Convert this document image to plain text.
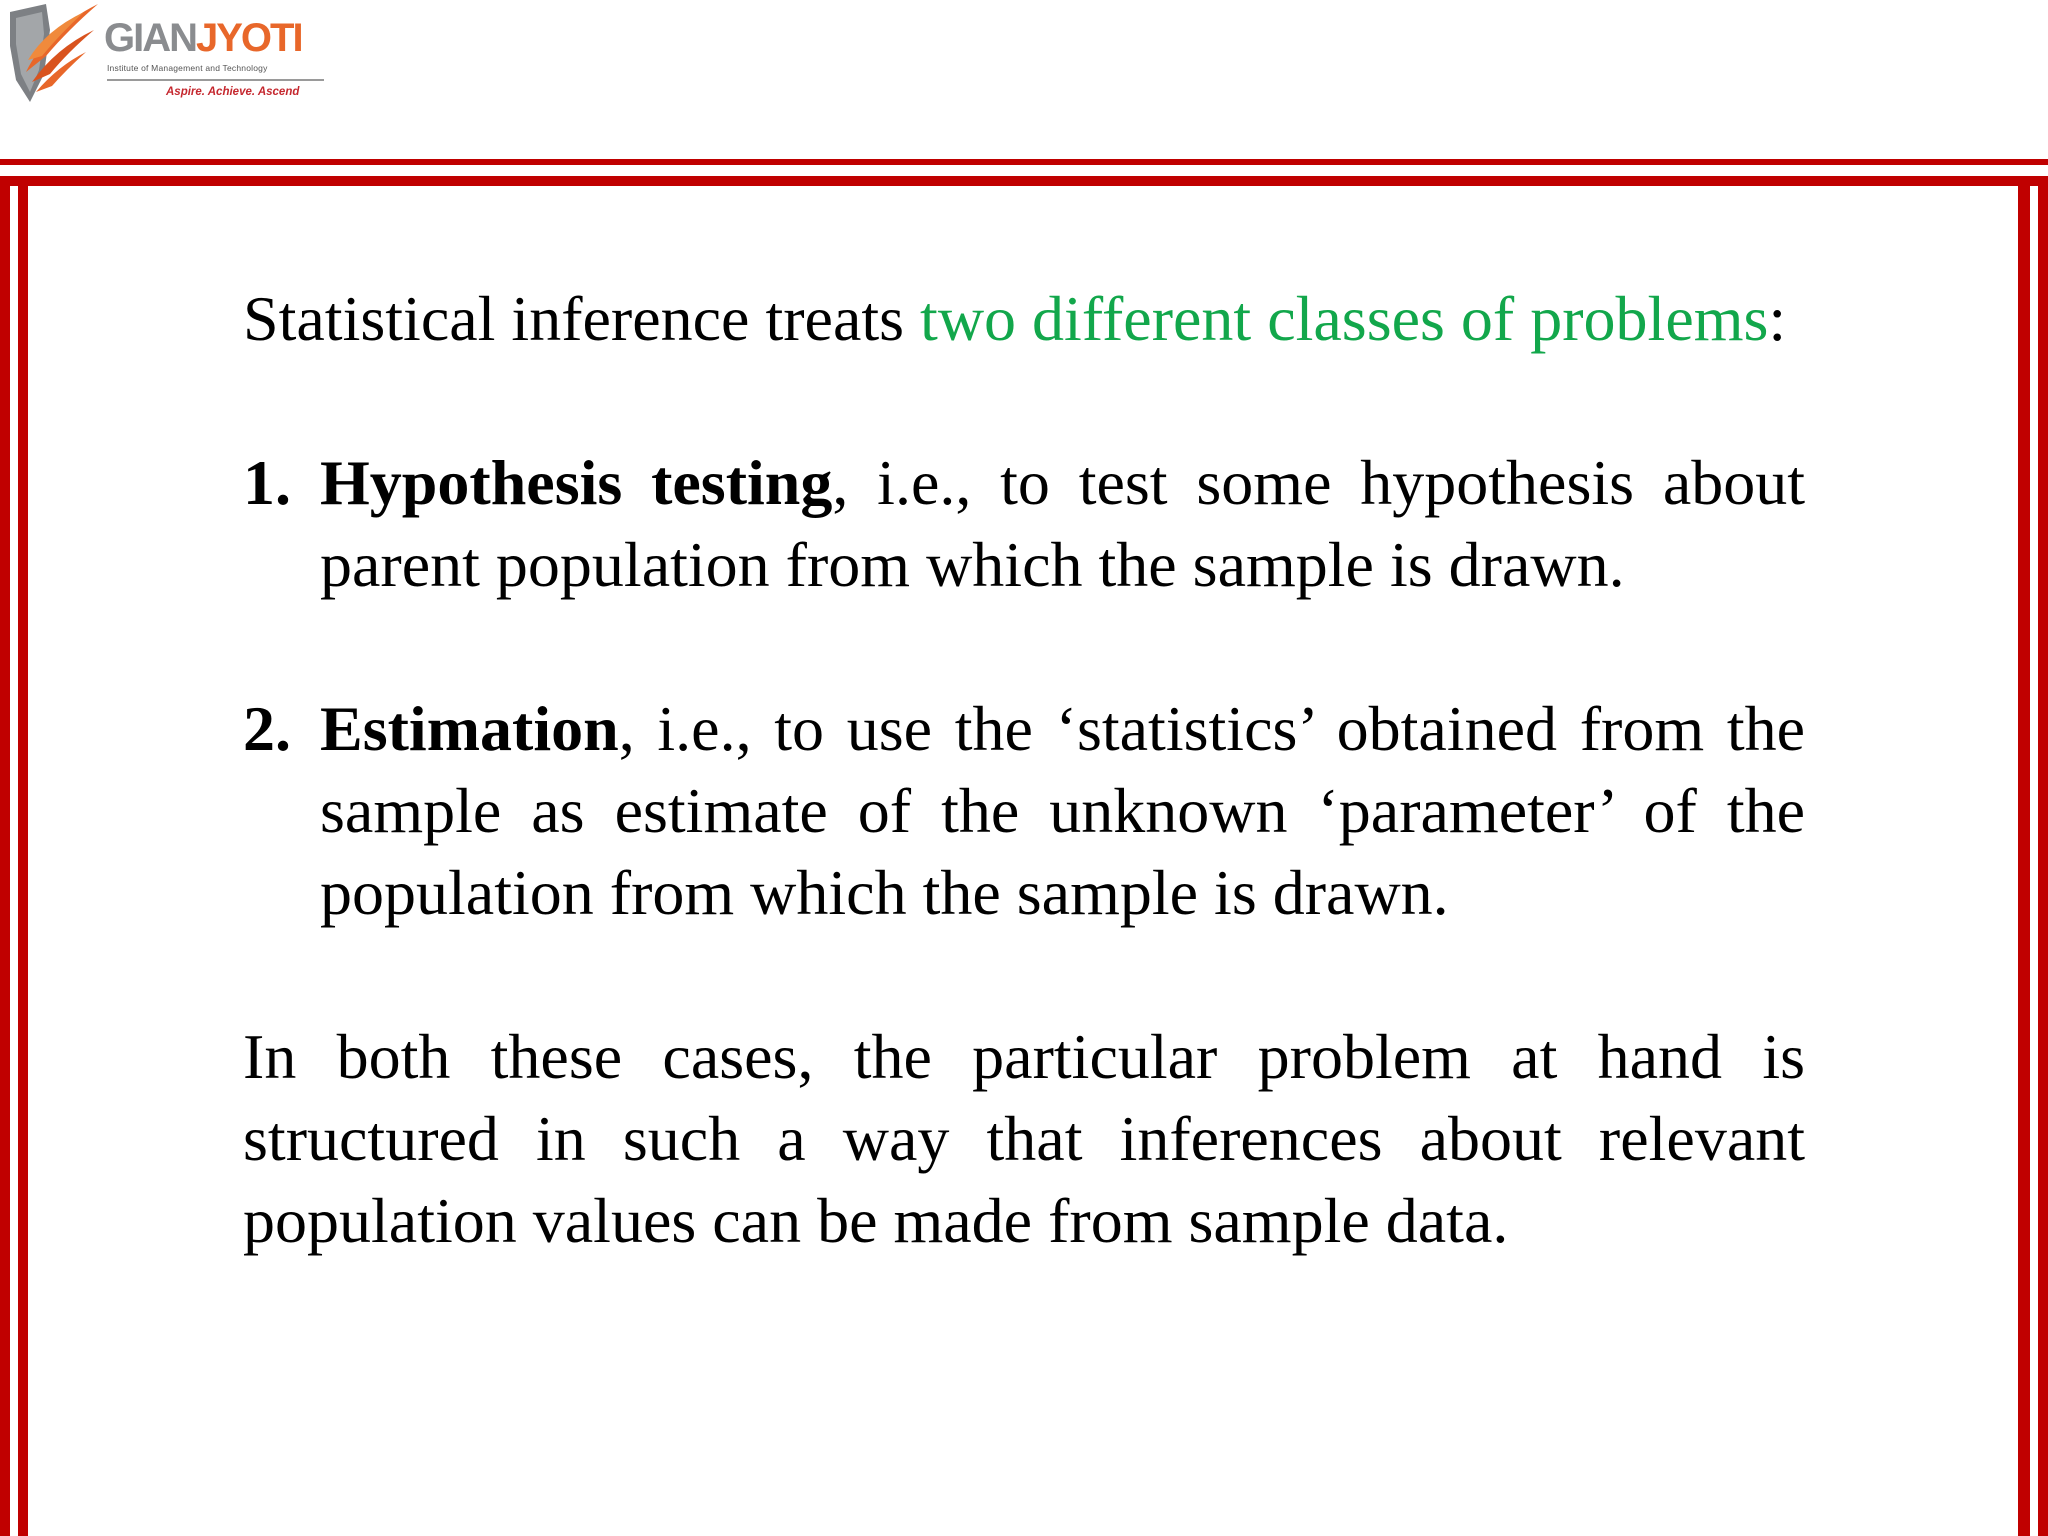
GIANJYOTI
Institute of Management and Technology
Aspire. Achieve. Ascend

Statistical inference treats two different classes of problems:

1. Hypothesis testing, i.e., to test some hypothesis about parent population from which the sample is drawn.
2. Estimation, i.e., to use the ‘statistics’ obtained from the sample as estimate of the unknown ‘parameter’ of the population from which the sample is drawn.

In both these cases, the particular problem at hand is structured in such a way that inferences about relevant population values can be made from sample data.
